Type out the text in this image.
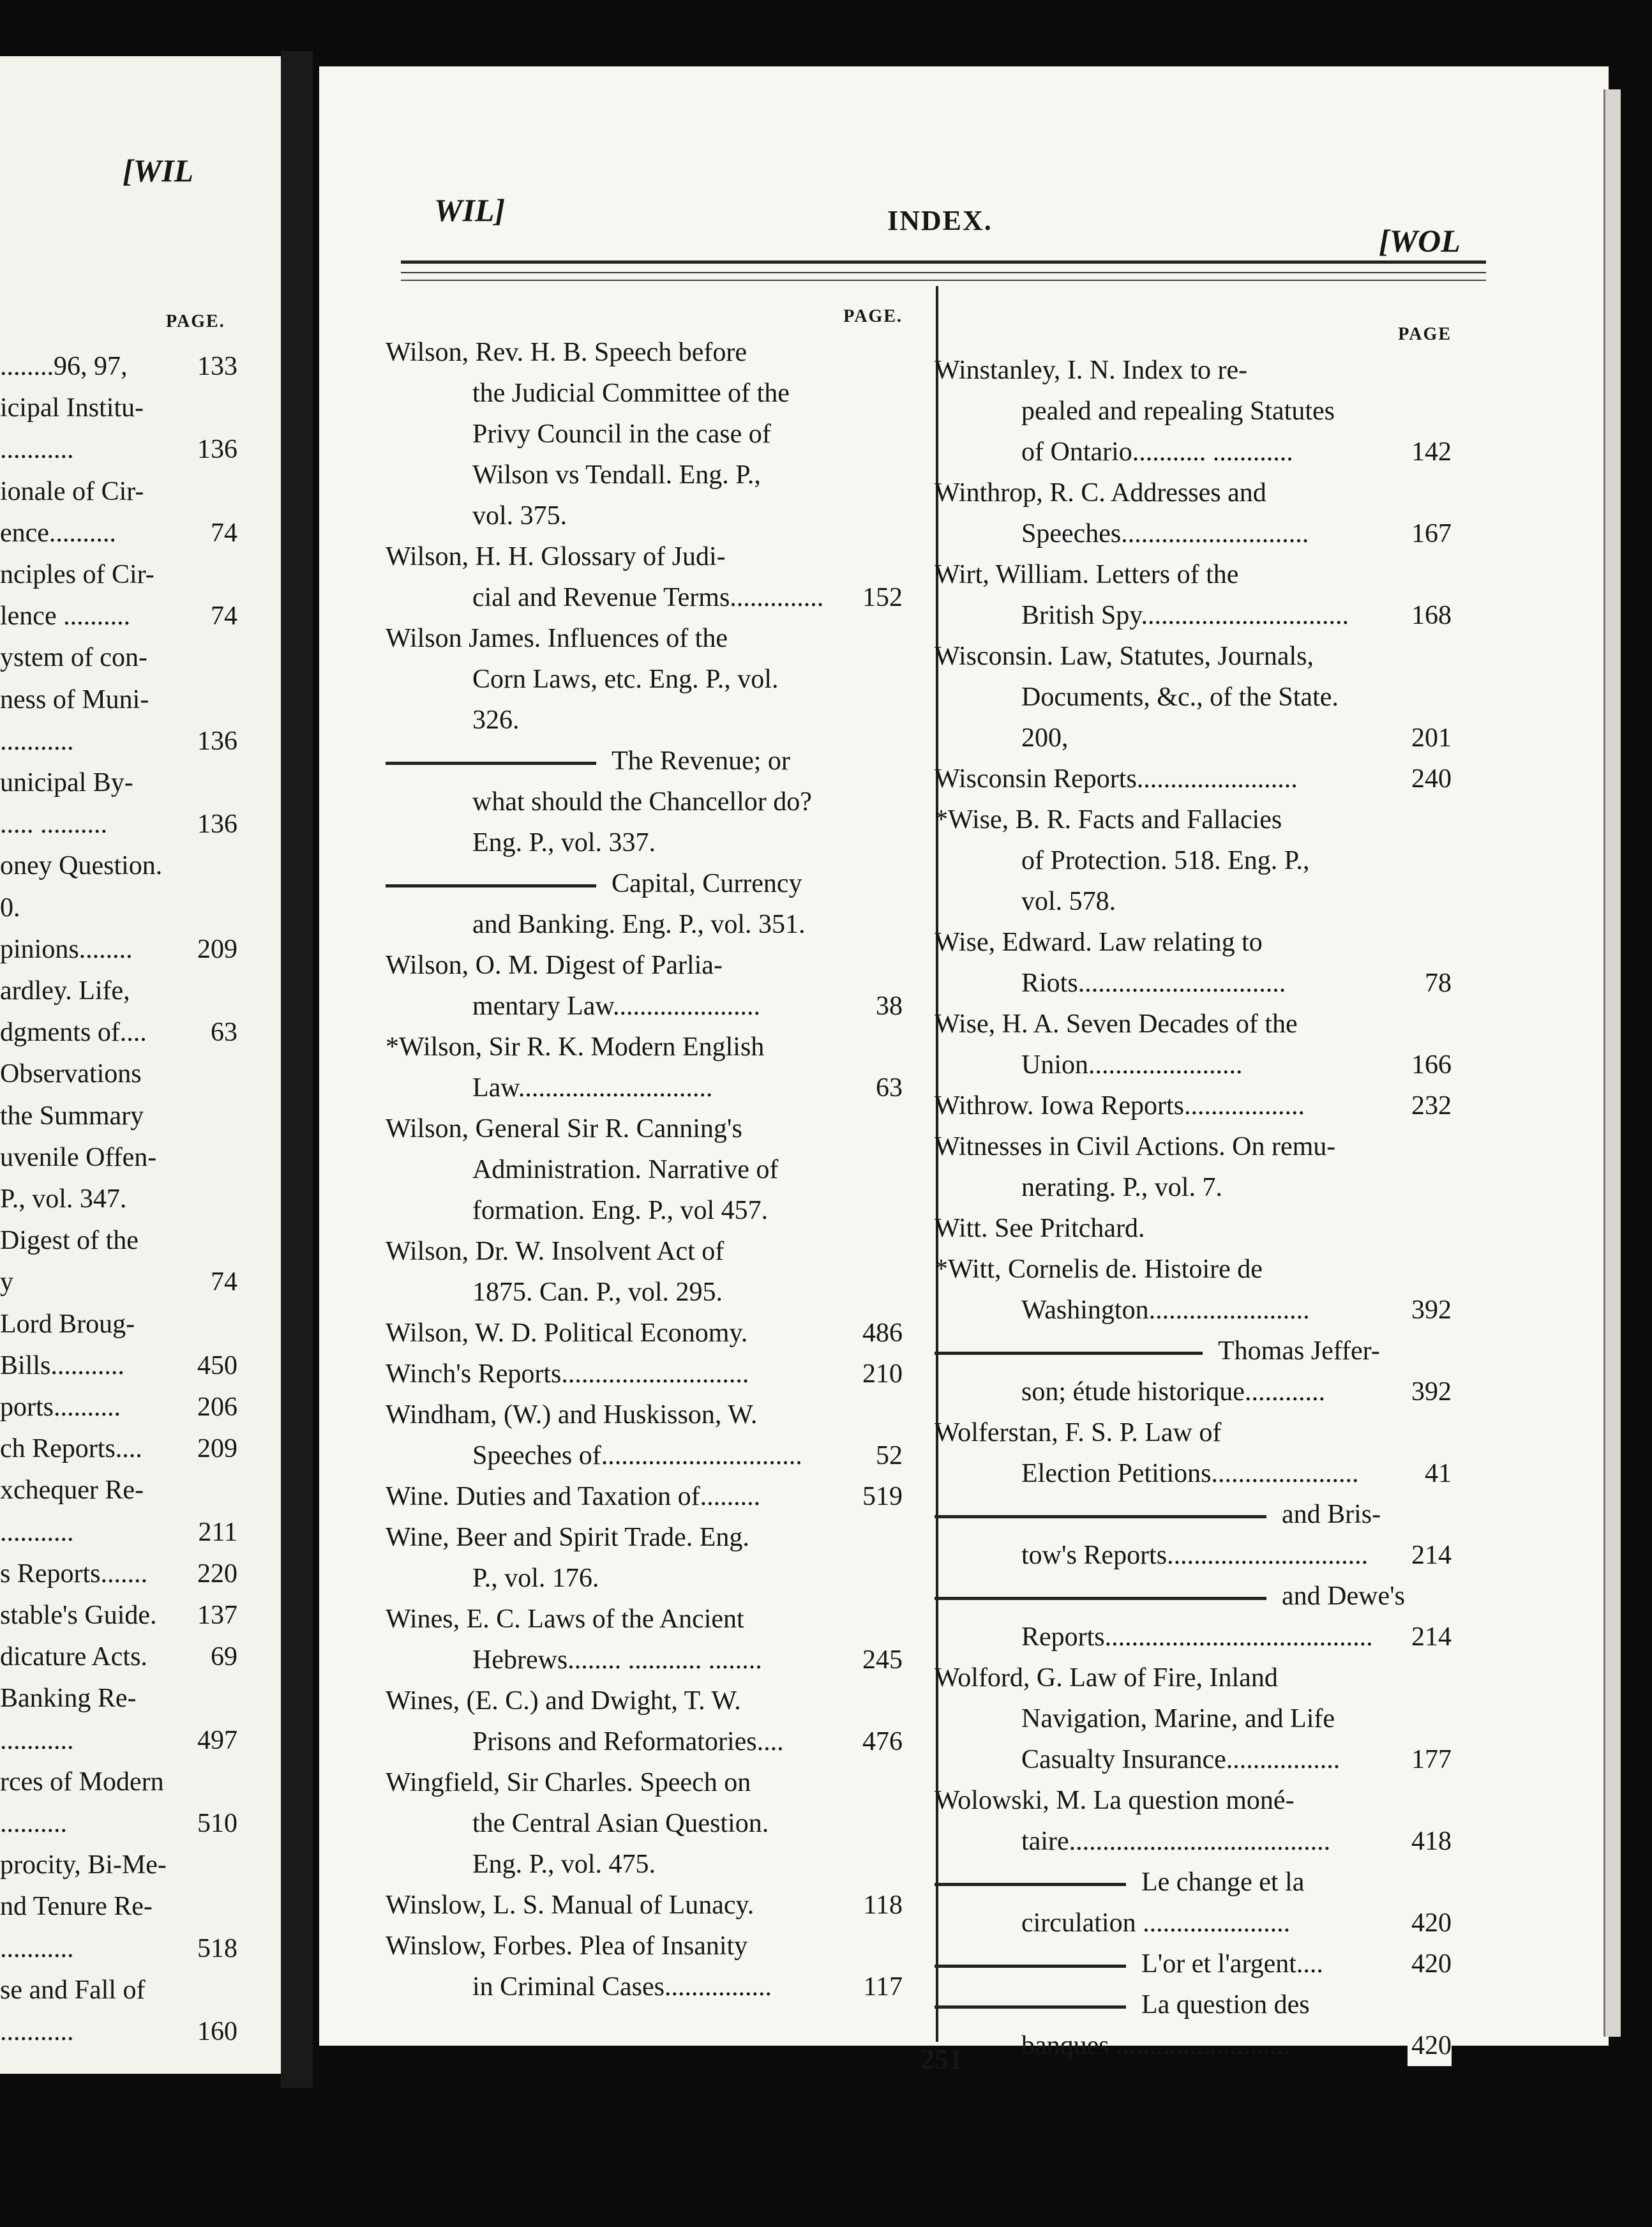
........96, 97,	133
icipal Institu-
...........	136
ionale of Cir-
ence..........	74
nciples of Cir-
lence ..........	74
ystem of con-
ness of Muni-
...........	136
unicipal By-
..... ..........	136
oney Question.
0.
pinions........ 209
ardley. Life,
dgments of.... 63
Observations
the Summary
uvenile Offen-
P., vol. 347.
Digest of the
y	74
Lord Broug-
Bills...........	450
ports..........	206
ch Reports.... 209
xchequer Re-
...........	211
s Reports....... 220
stable's Guide. 137
dicature Acts. 69
Banking Re-
...........	497
rces of Modern
..........	510
procity, Bi-Me-
nd Tenure Re-
...........	518
se and Fall of
...........	160
[WIL
PAGE.
WIL]	INDEX.
[WOL
PAGE.
Wilson, Rev. H. B. Speech before
the Judicial Committee of the
Privy Council in the case of
Wilson vs Tendall. Eng. P.,
vol. 375.
Wilson, H. H. Glossary of Judi-
cial and Revenue Terms..............	152
Wilson James. Influences of the
Corn Laws, etc. Eng. P., vol.
326.
The Revenue; or
what should the Chancellor do?
Eng. P., vol. 337.
Capital, Currency
and Banking. Eng. P., vol. 351.
Wilson, O. M. Digest of Parlia-
mentary Law......................	38
*Wilson, Sir R. K. Modern English
Law.............................	63
Wilson, General Sir R. Canning's
Administration. Narrative of
formation. Eng. P., vol 457.
Wilson, Dr. W. Insolvent Act of
1875. Can. P., vol. 295.
Wilson, W. D. Political Economy.	486
Winch's Reports............................	210
Windham, (W.) and Huskisson, W.
Speeches of..............................	52
Wine. Duties and Taxation of.........	519
Wine, Beer and Spirit Trade. Eng.
P., vol. 176.
Wines, E. C. Laws of the Ancient
Hebrews........ ........... ........	245
Wines, (E. C.) and Dwight, T. W.
Prisons and Reformatories....	476
Wingfield, Sir Charles. Speech on
the Central Asian Question.
Eng. P., vol. 475.
Winslow, L. S. Manual of Lunacy.	118
Winslow, Forbes. Plea of Insanity
in Criminal Cases................	117
PAGE
Winstanley, I. N. Index to re-
pealed and repealing Statutes
of Ontario........... ............	142
Winthrop, R. C. Addresses and
Speeches............................	167
Wirt, William. Letters of the
British Spy...............................	168
Wisconsin. Law, Statutes, Journals,
Documents, &c., of the State.
200,	201
Wisconsin Reports........................	240
*Wise, B. R. Facts and Fallacies
of Protection. 518. Eng. P.,
vol. 578.
Wise, Edward. Law relating to
Riots...............................	78
Wise, H. A. Seven Decades of the
Union.......................	166
Withrow. Iowa Reports..................	232
Witnesses in Civil Actions. On remu-
nerating. P., vol. 7.
Witt. See Pritchard.
*Witt, Cornelis de. Histoire de
Washington........................	392
Thomas Jeffer-
son; étude historique............	392
Wolferstan, F. S. P. Law of
Election Petitions......................	41
and Bris-
tow's Reports..............................	214
and Dewe's
Reports........................................	214
Wolford, G. Law of Fire, Inland
Navigation, Marine, and Life
Casualty Insurance.................	177
Wolowski, M. La question moné-
taire.......................................	418
Le change et la
circulation ......................	420
L'or et l'argent....	420
La question des
banques ..........................	420
251
